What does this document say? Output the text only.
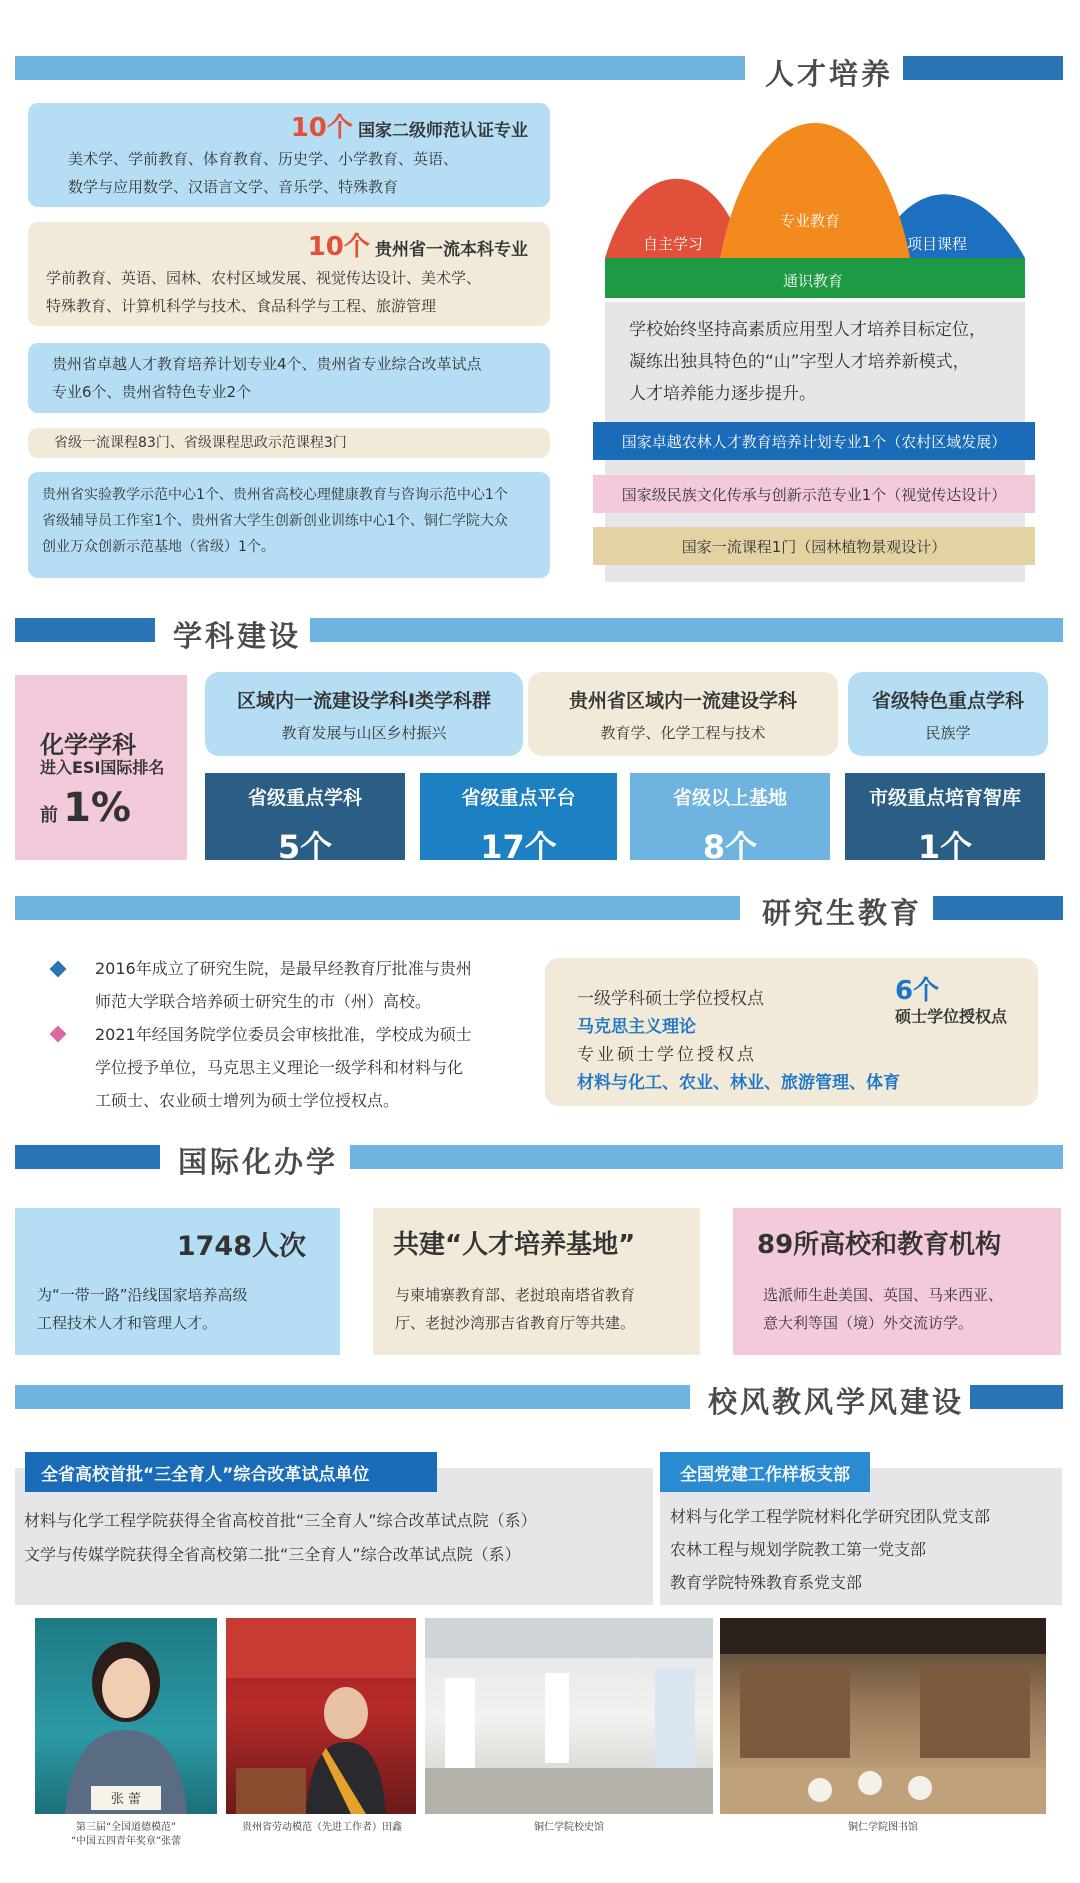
人才培养
10个 国家二级师范认证专业
美术学、学前教育、体育教育、历史学、小学教育、英语、
数学与应用数学、汉语言文学、音乐学、特殊教育
10个 贵州省一流本科专业
学前教育、英语、园林、农村区域发展、视觉传达设计、美术学、
特殊教育、计算机科学与技术、食品科学与工程、旅游管理
贵州省卓越人才教育培养计划专业4个、贵州省专业综合改革试点
专业6个、贵州省特色专业2个
省级一流课程83门、省级课程思政示范课程3门
贵州省实验教学示范中心1个、贵州省高校心理健康教育与咨询示范中心1个
省级辅导员工作室1个、贵州省大学生创新创业训练中心1个、铜仁学院大众
创业万众创新示范基地（省级）1个。
自主学习
专业教育
项目课程
通识教育
学校始终坚持高素质应用型人才培养目标定位，
凝练出独具特色的“山”字型人才培养新模式，
人才培养能力逐步提升。
国家卓越农林人才教育培养计划专业1个（农村区域发展）
国家级民族文化传承与创新示范专业1个（视觉传达设计）
国家一流课程1门（园林植物景观设计）
学科建设
化学学科
进入ESI国际排名
前 1%
区域内一流建设学科I类学科群
教育发展与山区乡村振兴
贵州省区域内一流建设学科
教育学、化学工程与技术
省级特色重点学科
民族学
省级重点学科
5个
省级重点平台
17个
省级以上基地
8个
市级重点培育智库
1个
研究生教育
2016年成立了研究生院，是最早经教育厅批准与贵州
师范大学联合培养硕士研究生的市（州）高校。
2021年经国务院学位委员会审核批准，学校成为硕士
学位授予单位，马克思主义理论一级学科和材料与化
工硕士、农业硕士增列为硕士学位授权点。
6个
硕士学位授权点
一级学科硕士学位授权点
马克思主义理论
专业硕士学位授权点
材料与化工、农业、林业、旅游管理、体育
国际化办学
1748人次
为“一带一路”沿线国家培养高级
工程技术人才和管理人才。
共建“人才培养基地”
与柬埔寨教育部、老挝琅南塔省教育
厅、老挝沙湾那吉省教育厅等共建。
89所高校和教育机构
选派师生赴美国、英国、马来西亚、
意大利等国（境）外交流访学。
校风教风学风建设
全省高校首批“三全育人”综合改革试点单位
材料与化学工程学院获得全省高校首批“三全育人”综合改革试点院（系）
文学与传媒学院获得全省高校第二批“三全育人”综合改革试点院（系）
全国党建工作样板支部
材料与化学工程学院材料化学研究团队党支部
农林工程与规划学院教工第一党支部
教育学院特殊教育系党支部
张 蕾
第三届“全国道德模范”
“中国五四青年奖章”张蕾
贵州省劳动模范（先进工作者）田鑫	铜仁学院校史馆	铜仁学院图书馆
